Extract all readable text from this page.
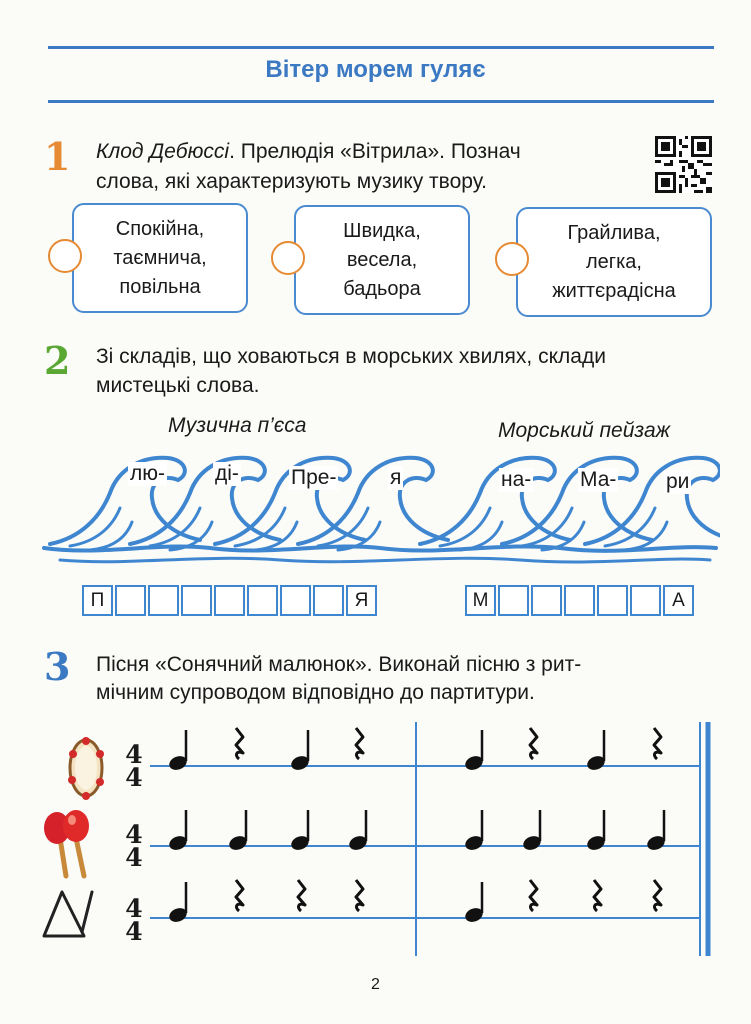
Вітер морем гуляє
1 Клод Дебюссі. Прелюдія «Вітрила». Познач
слова, які характеризують музику твору.
Спокійна,
таємнича,
повільна
Швидка,
весела,
бадьора
Грайлива,
легка,
життєрадісна
2 Зі складів, що ховаються в морських хвилях, склади
мистецькі слова.
Музична п’єса	Морський пейзаж
лю- ді- Пре-	я	на- Ма- ри
П	Я	М	А
3 Пісня «Сонячний малюнок». Виконай пісню з рит-
мічним супроводом відповідно до партитури.
4
4
4
4
4
4
2
